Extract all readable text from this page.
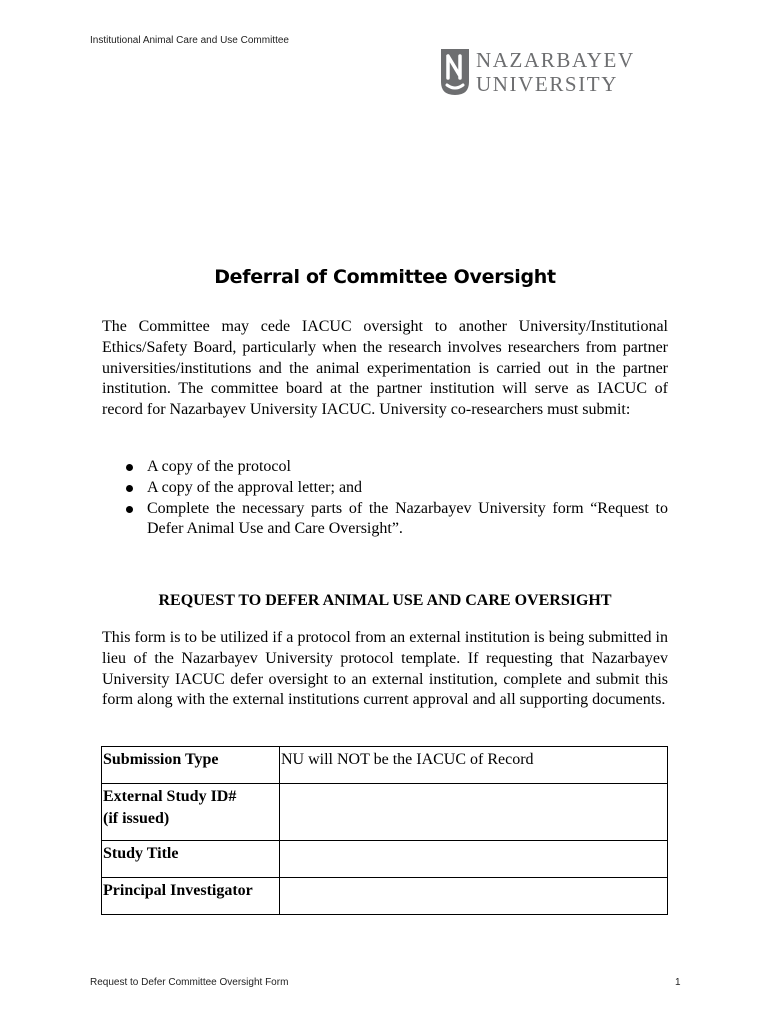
Institutional Animal Care and Use Committee
NAZARBAYEV
UNIVERSITY
Deferral of Committee Oversight
The Committee may cede IACUC oversight to another University/Institutional Ethics/Safety Board, particularly when the research involves researchers from partner universities/institutions and the animal experimentation is carried out in the partner institution. The committee board at the partner institution will serve as IACUC of record for Nazarbayev University IACUC. University co-researchers must submit:
A copy of the protocol
A copy of the approval letter; and
Complete the necessary parts of the Nazarbayev University form “Request to Defer Animal Use and Care Oversight”.
REQUEST TO DEFER ANIMAL USE AND CARE OVERSIGHT
This form is to be utilized if a protocol from an external institution is being submitted in lieu of the Nazarbayev University protocol template. If requesting that Nazarbayev University IACUC defer oversight to an external institution, complete and submit this form along with the external institutions current approval and all supporting documents.
Submission Type	NU will NOT be the IACUC of Record
External Study ID#
(if issued)	
Study Title	
Principal Investigator	
Request to Defer Committee Oversight Form	1
